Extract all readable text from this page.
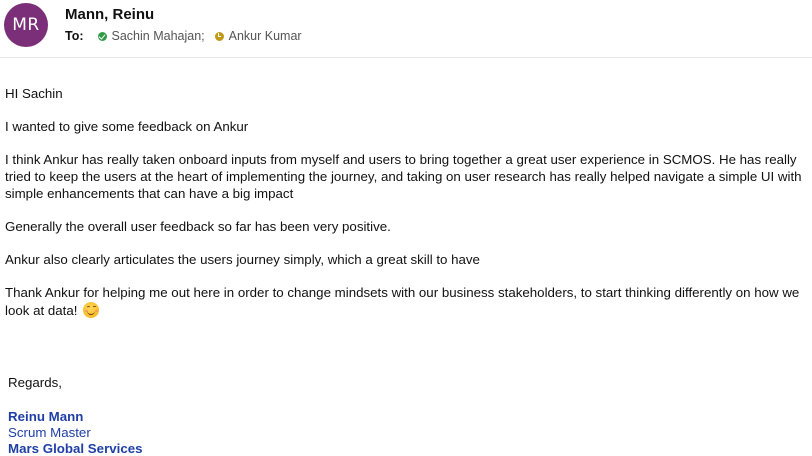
MR
Mann, Reinu
To: Sachin Mahajan; Ankur Kumar

HI Sachin

I wanted to give some feedback on Ankur

I think Ankur has really taken onboard inputs from myself and users to bring together a great user experience in SCMOS. He has really tried to keep the users at the heart of implementing the journey, and taking on user research has really helped navigate a simple UI with simple enhancements that can have a big impact

Generally the overall user feedback so far has been very positive.

Ankur also clearly articulates the users journey simply, which a great skill to have

Thank Ankur for helping me out here in order to change mindsets with our business stakeholders, to start thinking differently on how we look at data!

Regards,
Reinu Mann
Scrum Master
Mars Global Services
